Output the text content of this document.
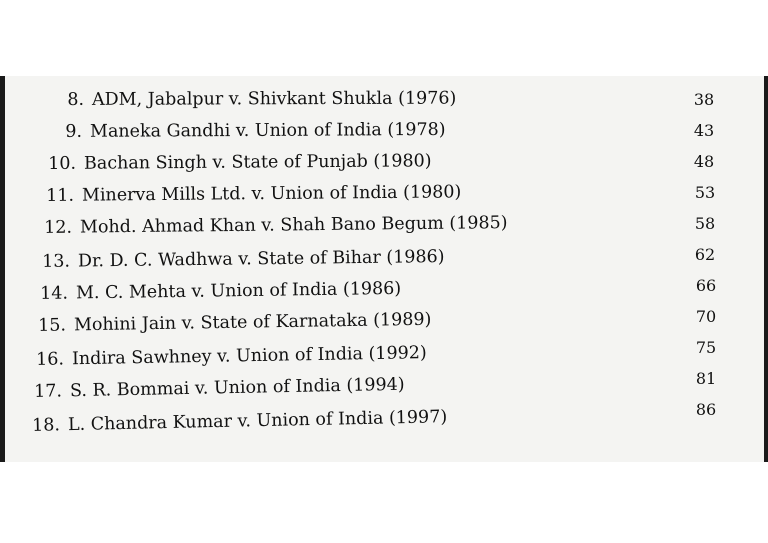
8. ADM, Jabalpur v. Shivkant Shukla (1976)
9. Maneka Gandhi v. Union of India (1978)
10. Bachan Singh v. State of Punjab (1980)
11. Minerva Mills Ltd. v. Union of India (1980)
12. Mohd. Ahmad Khan v. Shah Bano Begum (1985)
13. Dr. D. C. Wadhwa v. State of Bihar (1986)
14. M. C. Mehta v. Union of India (1986)
15. Mohini Jain v. State of Karnataka (1989)
16. Indira Sawhney v. Union of India (1992)
17. S. R. Bommai v. Union of India (1994)
18. L. Chandra Kumar v. Union of India (1997)
38
43
48
53
58
62
66
70
75
81
86
